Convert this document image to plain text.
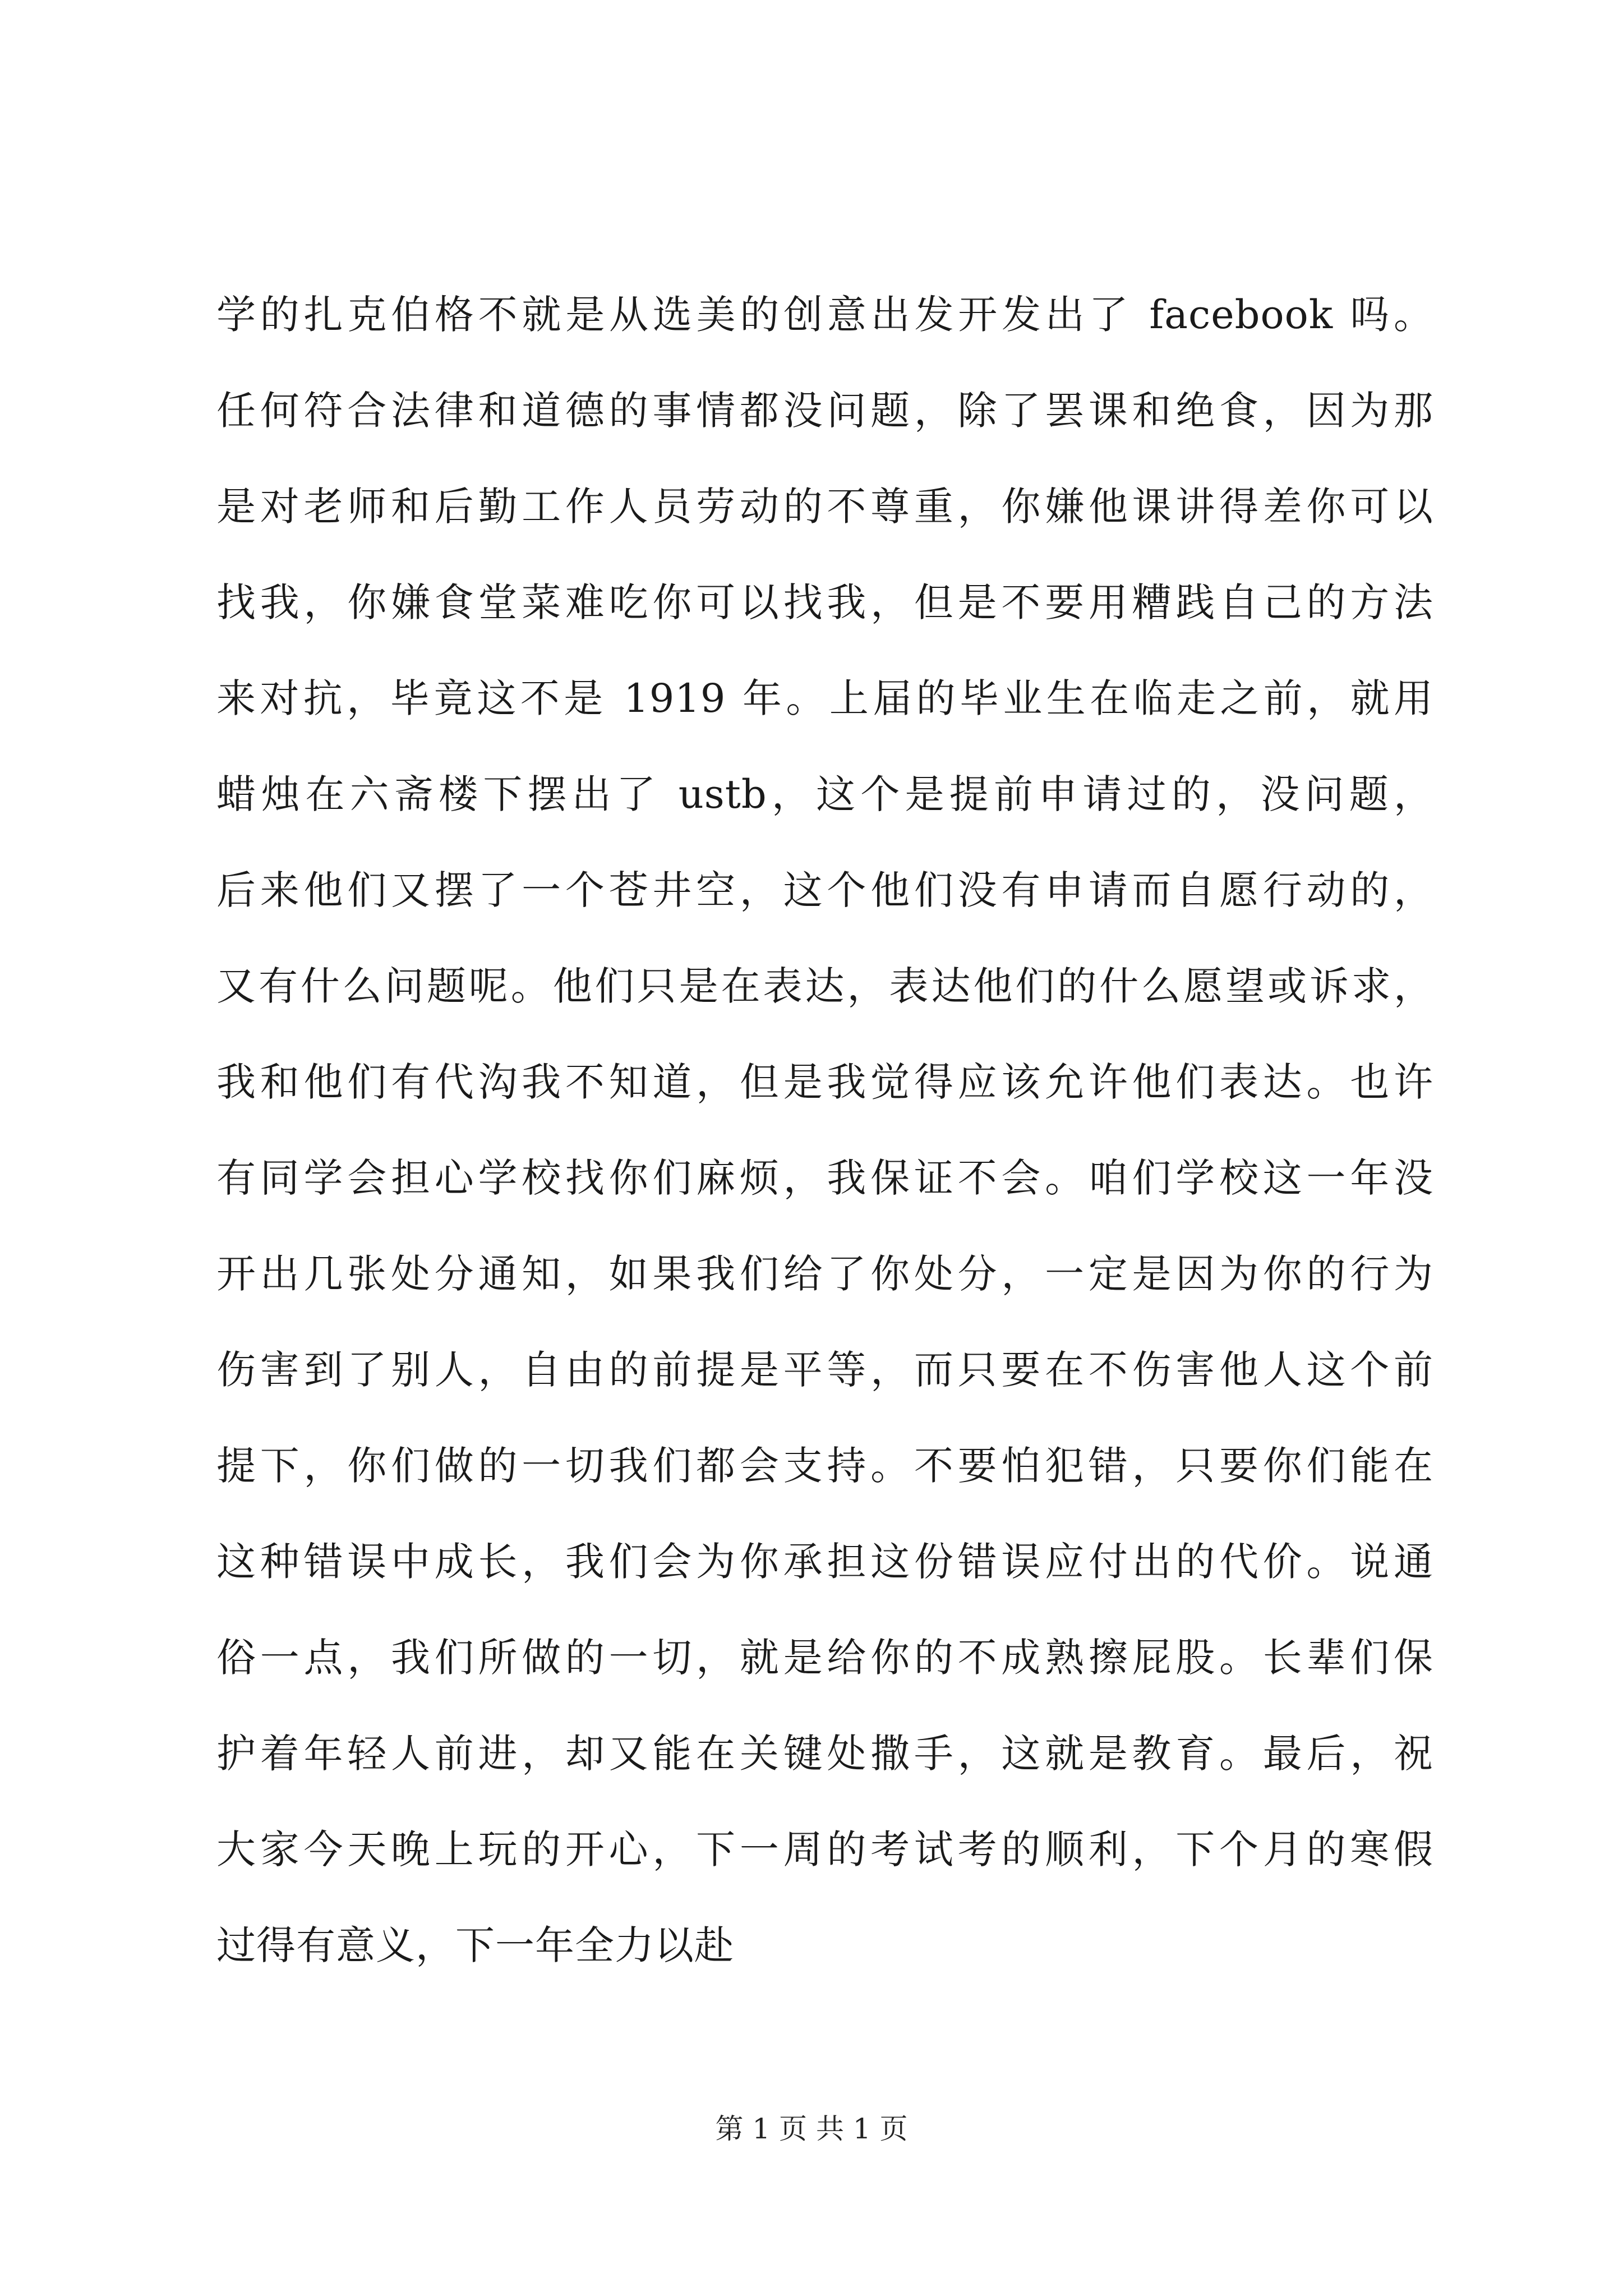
学的扎克伯格不就是从选美的创意出发开发出了 facebook 吗。
任何符合法律和道德的事情都没问题，除了罢课和绝食，因为那
是对老师和后勤工作人员劳动的不尊重，你嫌他课讲得差你可以
找我，你嫌食堂菜难吃你可以找我，但是不要用糟践自己的方法
来对抗，毕竟这不是 1919 年。上届的毕业生在临走之前，就用
蜡烛在六斋楼下摆出了 ustb，这个是提前申请过的，没问题，
后来他们又摆了一个苍井空，这个他们没有申请而自愿行动的，
又有什么问题呢。他们只是在表达，表达他们的什么愿望或诉求，
我和他们有代沟我不知道，但是我觉得应该允许他们表达。也许
有同学会担心学校找你们麻烦，我保证不会。咱们学校这一年没
开出几张处分通知，如果我们给了你处分，一定是因为你的行为
伤害到了别人，自由的前提是平等，而只要在不伤害他人这个前
提下，你们做的一切我们都会支持。不要怕犯错，只要你们能在
这种错误中成长，我们会为你承担这份错误应付出的代价。说通
俗一点，我们所做的一切，就是给你的不成熟擦屁股。长辈们保
护着年轻人前进，却又能在关键处撒手，这就是教育。最后，祝
大家今天晚上玩的开心，下一周的考试考的顺利，下个月的寒假
过得有意义，下一年全力以赴
第 1 页 共 1 页
